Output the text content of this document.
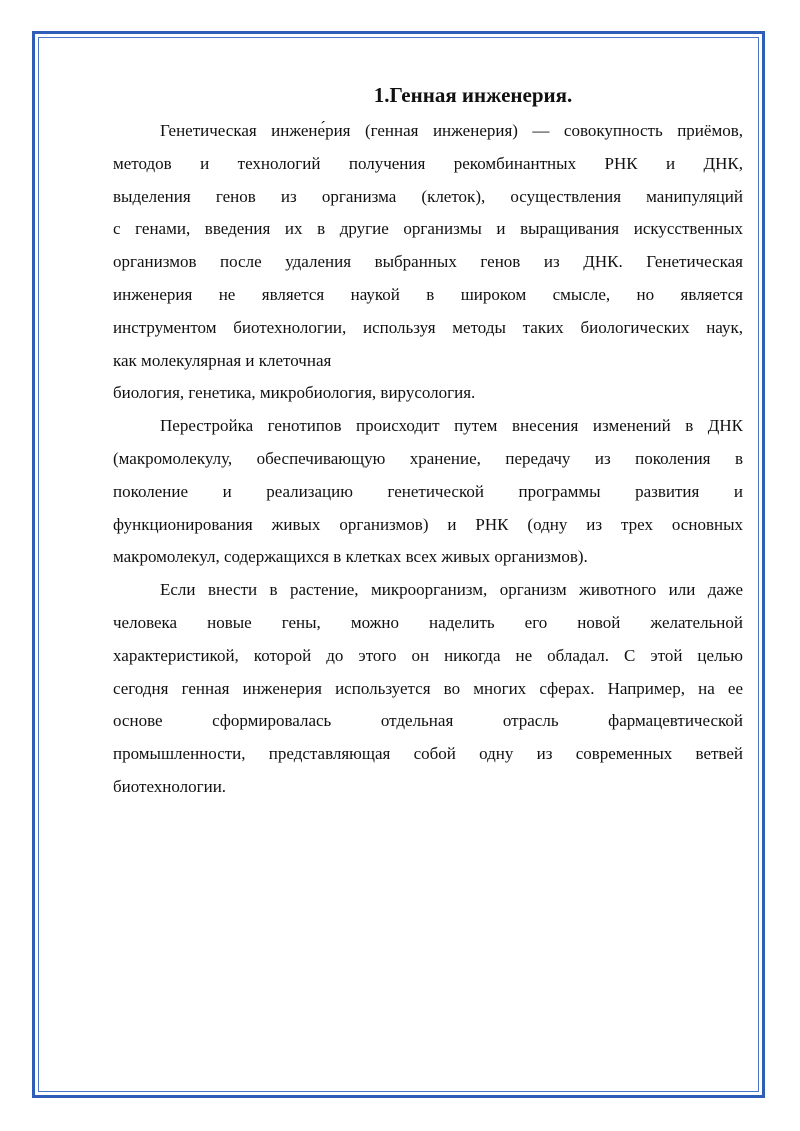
1.Генная инженерия.
Генетическая инжене́рия (генная инженерия) — совокупность приёмов,
методов и технологий получения рекомбинантных РНК и ДНК,
выделения генов из организма (клеток), осуществления манипуляций
с генами, введения их в другие организмы и выращивания искусственных
организмов после удаления выбранных генов из ДНК. Генетическая
инженерия не является наукой в широком смысле, но является
инструментом биотехнологии, используя методы таких биологических наук,
как молекулярная и клеточная
биология, генетика, микробиология, вирусология.
Перестройка генотипов происходит путем внесения изменений в ДНК
(макромолекулу, обеспечивающую хранение, передачу из поколения в
поколение и реализацию генетической программы развития и
функционирования живых организмов) и РНК (одну из трех основных
макромолекул, содержащихся в клетках всех живых организмов).
Если внести в растение, микроорганизм, организм животного или даже
человека новые гены, можно наделить его новой желательной
характеристикой, которой до этого он никогда не обладал. С этой целью
сегодня генная инженерия используется во многих сферах. Например, на ее
основе сформировалась отдельная отрасль фармацевтической
промышленности, представляющая собой одну из современных ветвей
биотехнологии.
